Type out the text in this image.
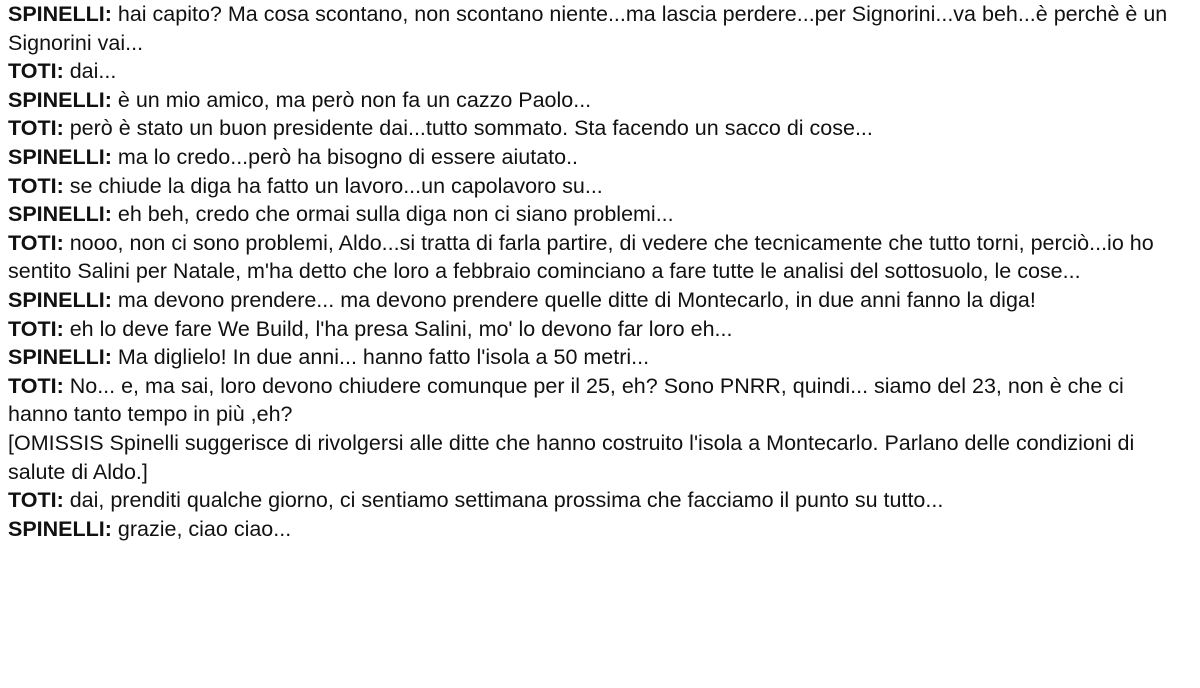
SPINELLI: hai capito? Ma cosa scontano, non scontano niente...ma lascia perdere...per Signorini...va beh...è perchè è un Signorini vai...

TOTI: dai...

SPINELLI: è un mio amico, ma però non fa un cazzo Paolo...

TOTI: però è stato un buon presidente dai...tutto sommato. Sta facendo un sacco di cose...

SPINELLI: ma lo credo...però ha bisogno di essere aiutato..

TOTI: se chiude la diga ha fatto un lavoro...un capolavoro su...

SPINELLI: eh beh, credo che ormai sulla diga non ci siano problemi...

TOTI: nooo, non ci sono problemi, Aldo...si tratta di farla partire, di vedere che tecnicamente che tutto torni, perciò...io ho sentito Salini per Natale, m'ha detto che loro a febbraio cominciano a fare tutte le analisi del sottosuolo, le cose...

SPINELLI: ma devono prendere... ma devono prendere quelle ditte di Montecarlo, in due anni fanno la diga!

TOTI: eh lo deve fare We Build, l'ha presa Salini, mo' lo devono far loro eh...

SPINELLI: Ma diglielo! In due anni... hanno fatto l'isola a 50 metri...

TOTI: No... e, ma sai, loro devono chiudere comunque per il 25, eh? Sono PNRR, quindi... siamo del 23, non è che ci hanno tanto tempo in più ,eh?

[OMISSIS Spinelli suggerisce di rivolgersi alle ditte che hanno costruito l'isola a Montecarlo. Parlano delle condizioni di salute di Aldo.]

TOTI: dai, prenditi qualche giorno, ci sentiamo settimana prossima che facciamo il punto su tutto...

SPINELLI: grazie, ciao ciao...
